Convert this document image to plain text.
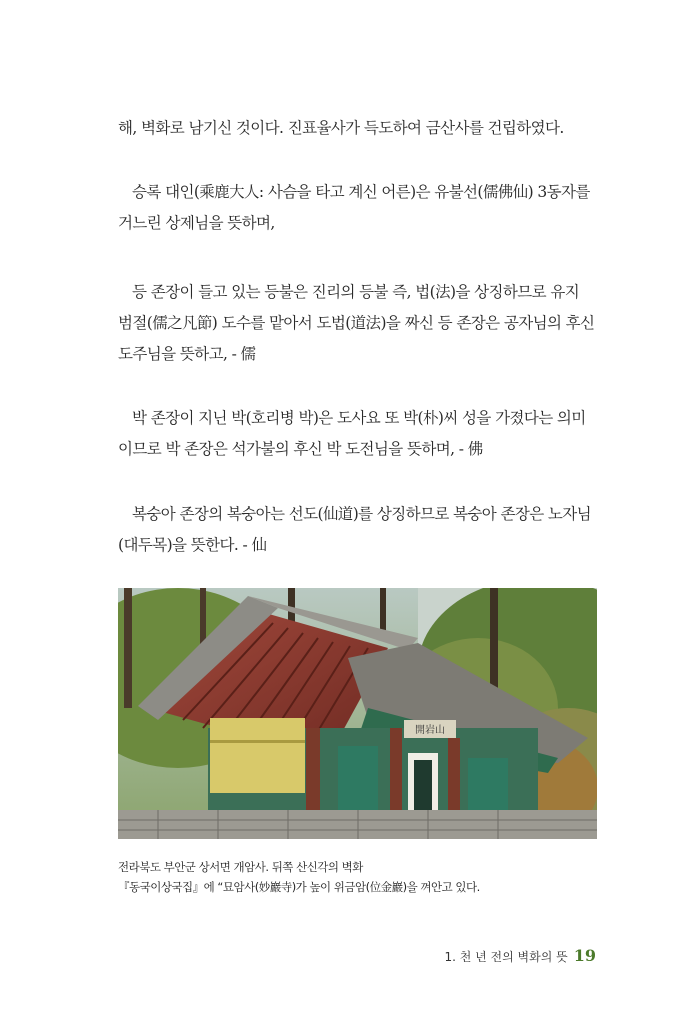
해, 벽화로 남기신 것이다. 진표율사가 득도하여 금산사를 건립하였다.
승록 대인(乘鹿大人: 사슴을 타고 계신 어른)은 유불선(儒佛仙) 3동자를
거느린 상제님을 뜻하며,
등 존장이 들고 있는 등불은 진리의 등불 즉, 법(法)을 상징하므로 유지
범절(儒之凡節) 도수를 맡아서 도법(道法)을 짜신 등 존장은 공자님의 후신
도주님을 뜻하고, - 儒
박 존장이 지닌 박(호리병 박)은 도사요 또 박(朴)씨 성을 가졌다는 의미
이므로 박 존장은 석가불의 후신 박 도전님을 뜻하며, - 佛
복숭아 존장의 복숭아는 선도(仙道)를 상징하므로 복숭아 존장은 노자님
(대두목)을 뜻한다. - 仙
開岩山
전라북도 부안군 상서면 개암사. 뒤쪽 산신각의 벽화
『동국이상국집』에 “묘암사(妙巖寺)가 높이 위금암(位金巖)을 껴안고 있다.
1. 천 년 전의 벽화의 뜻 19
